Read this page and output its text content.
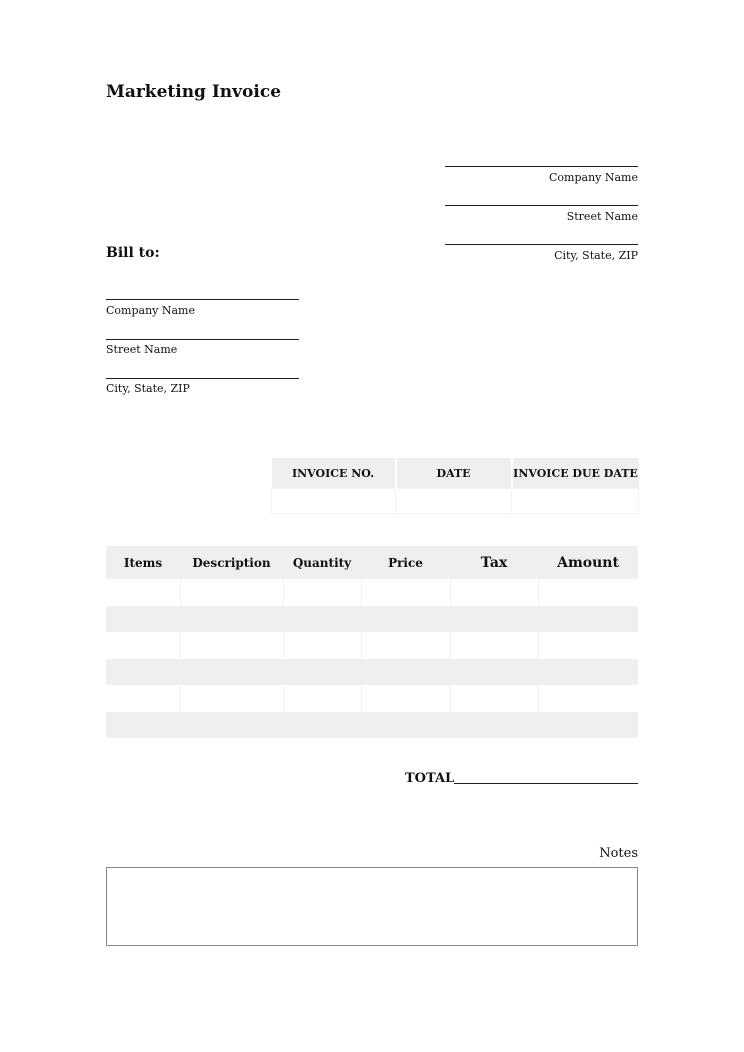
Marketing Invoice
Company Name
Street Name
City, State, ZIP
Bill to:
Company Name
Street Name
City, State, ZIP
INVOICE NO.	DATE	INVOICE DUE DATE

Items	Description	Quantity	Price	Tax	Amount

TOTAL
Notes
